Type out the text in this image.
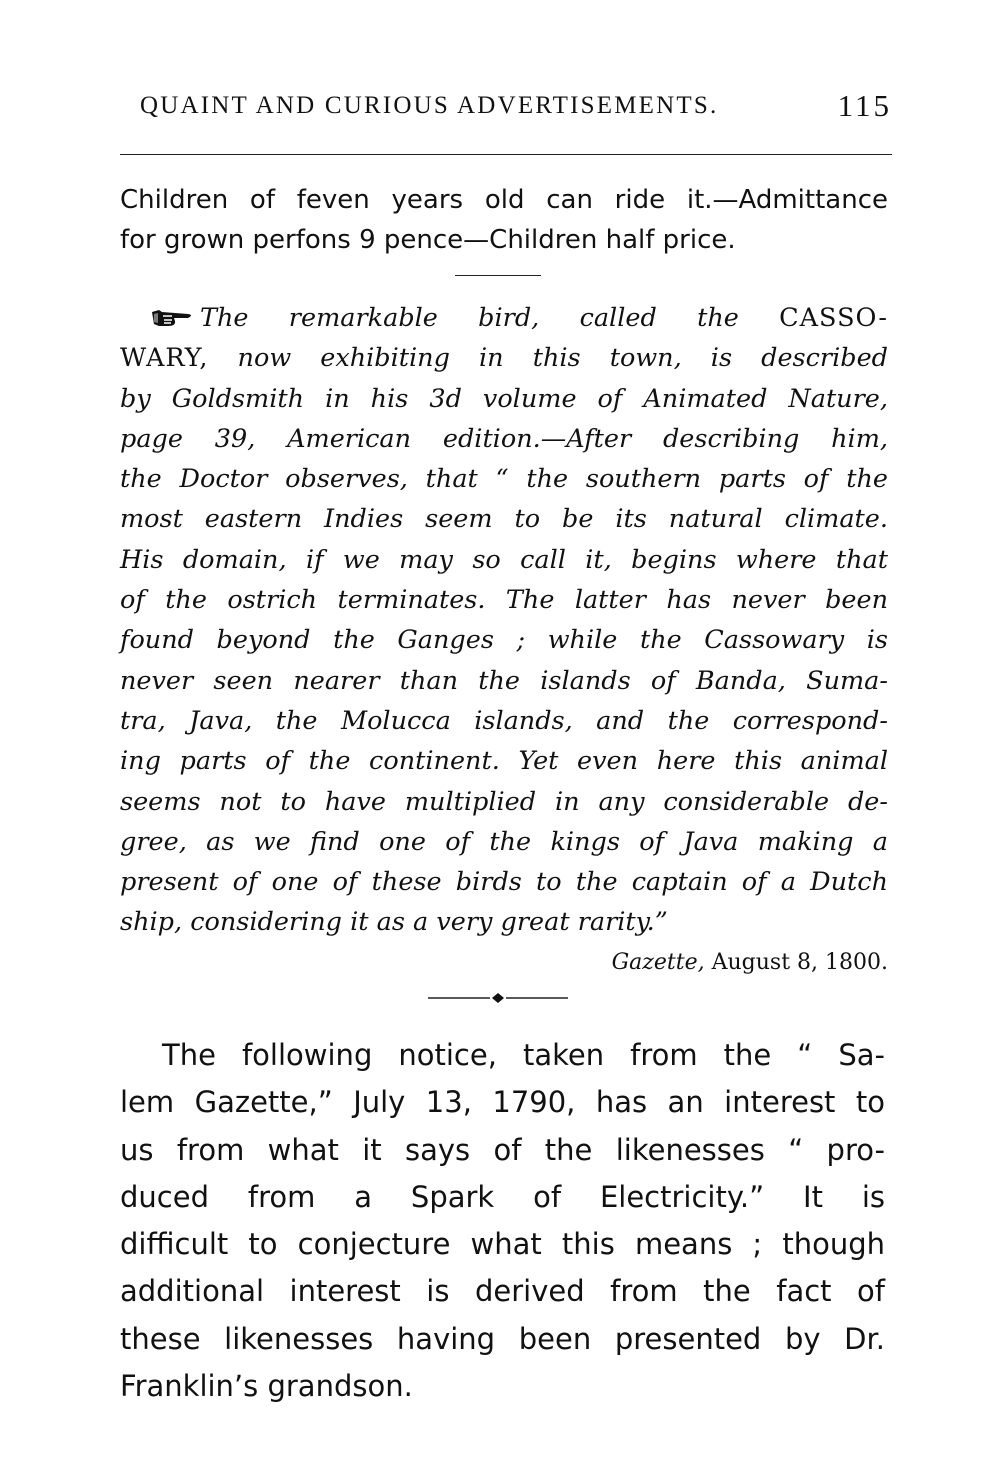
QUAINT AND CURIOUS ADVERTISEMENTS.	115
Children of feven years old can ride it.—Admittance
for grown perfons 9 pence—Children half price.
The remarkable bird, called the CASSO-
WARY, now exhibiting in this town, is described
by Goldsmith in his 3d volume of Animated Nature,
page 39, American edition.—After describing him,
the Doctor observes, that “ the southern parts of the
most eastern Indies seem to be its natural climate.
His domain, if we may so call it, begins where that
of the ostrich terminates. The latter has never been
found beyond the Ganges ; while the Cassowary is
never seen nearer than the islands of Banda, Suma-
tra, Java, the Molucca islands, and the correspond-
ing parts of the continent. Yet even here this animal
seems not to have multiplied in any considerable de-
gree, as we find one of the kings of Java making a
present of one of these birds to the captain of a Dutch
ship, considering it as a very great rarity.”
Gazette, August 8, 1800.
The following notice, taken from the “ Sa-
lem Gazette,” July 13, 1790, has an interest to
us from what it says of the likenesses “ pro-
duced from a Spark of Electricity.” It is
difficult to conjecture what this means ; though
additional interest is derived from the fact of
these likenesses having been presented by Dr.
Franklin’s grandson.
